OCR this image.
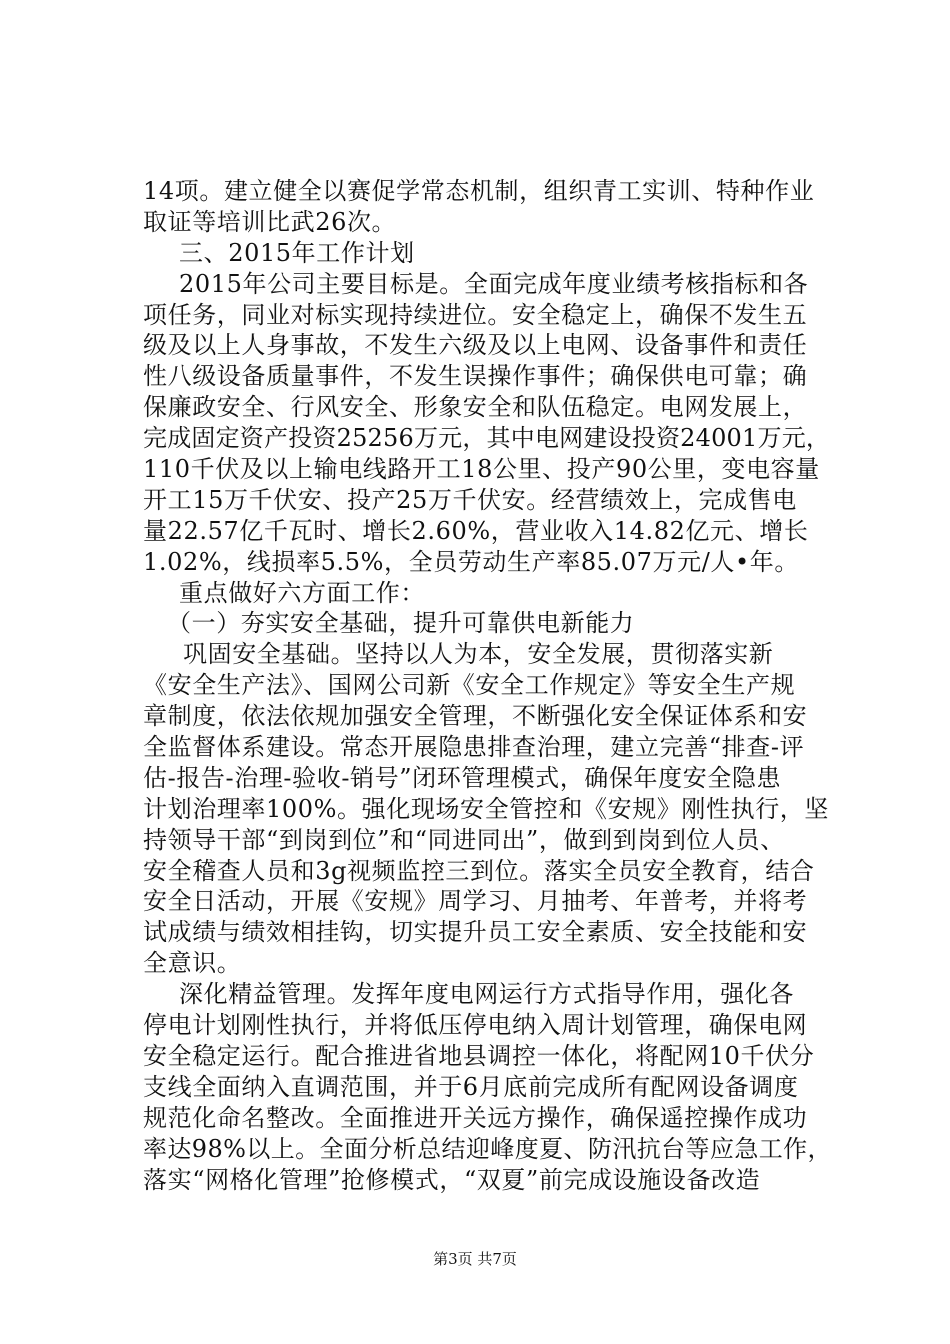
14项。建立健全以赛促学常态机制，组织青工实训、特种作业
取证等培训比武26次。
三、2015年工作计划
2015年公司主要目标是。全面完成年度业绩考核指标和各
项任务，同业对标实现持续进位。安全稳定上，确保不发生五
级及以上人身事故，不发生六级及以上电网、设备事件和责任
性八级设备质量事件，不发生误操作事件；确保供电可靠；确
保廉政安全、行风安全、形象安全和队伍稳定。电网发展上，
完成固定资产投资25256万元，其中电网建设投资24001万元，
110千伏及以上输电线路开工18公里、投产90公里，变电容量
开工15万千伏安、投产25万千伏安。经营绩效上，完成售电
量22.57亿千瓦时、增长2.60%，营业收入14.82亿元、增长
1.02%，线损率5.5%，全员劳动生产率85.07万元/人•年。
重点做好六方面工作：
（一）夯实安全基础，提升可靠供电新能力
巩固安全基础。坚持以人为本，安全发展，贯彻落实新
《安全生产法》、国网公司新《安全工作规定》等安全生产规
章制度，依法依规加强安全管理，不断强化安全保证体系和安
全监督体系建设。常态开展隐患排查治理，建立完善“排查-评
估-报告-治理-验收-销号”闭环管理模式，确保年度安全隐患
计划治理率100%。强化现场安全管控和《安规》刚性执行，坚
持领导干部“到岗到位”和“同进同出”，做到到岗到位人员、
安全稽查人员和3g视频监控三到位。落实全员安全教育，结合
安全日活动，开展《安规》周学习、月抽考、年普考，并将考
试成绩与绩效相挂钩，切实提升员工安全素质、安全技能和安
全意识。
深化精益管理。发挥年度电网运行方式指导作用，强化各
停电计划刚性执行，并将低压停电纳入周计划管理，确保电网
安全稳定运行。配合推进省地县调控一体化，将配网10千伏分
支线全面纳入直调范围，并于6月底前完成所有配网设备调度
规范化命名整改。全面推进开关远方操作，确保遥控操作成功
率达98%以上。全面分析总结迎峰度夏、防汛抗台等应急工作，
落实“网格化管理”抢修模式，“双夏”前完成设施设备改造
第3页 共7页
